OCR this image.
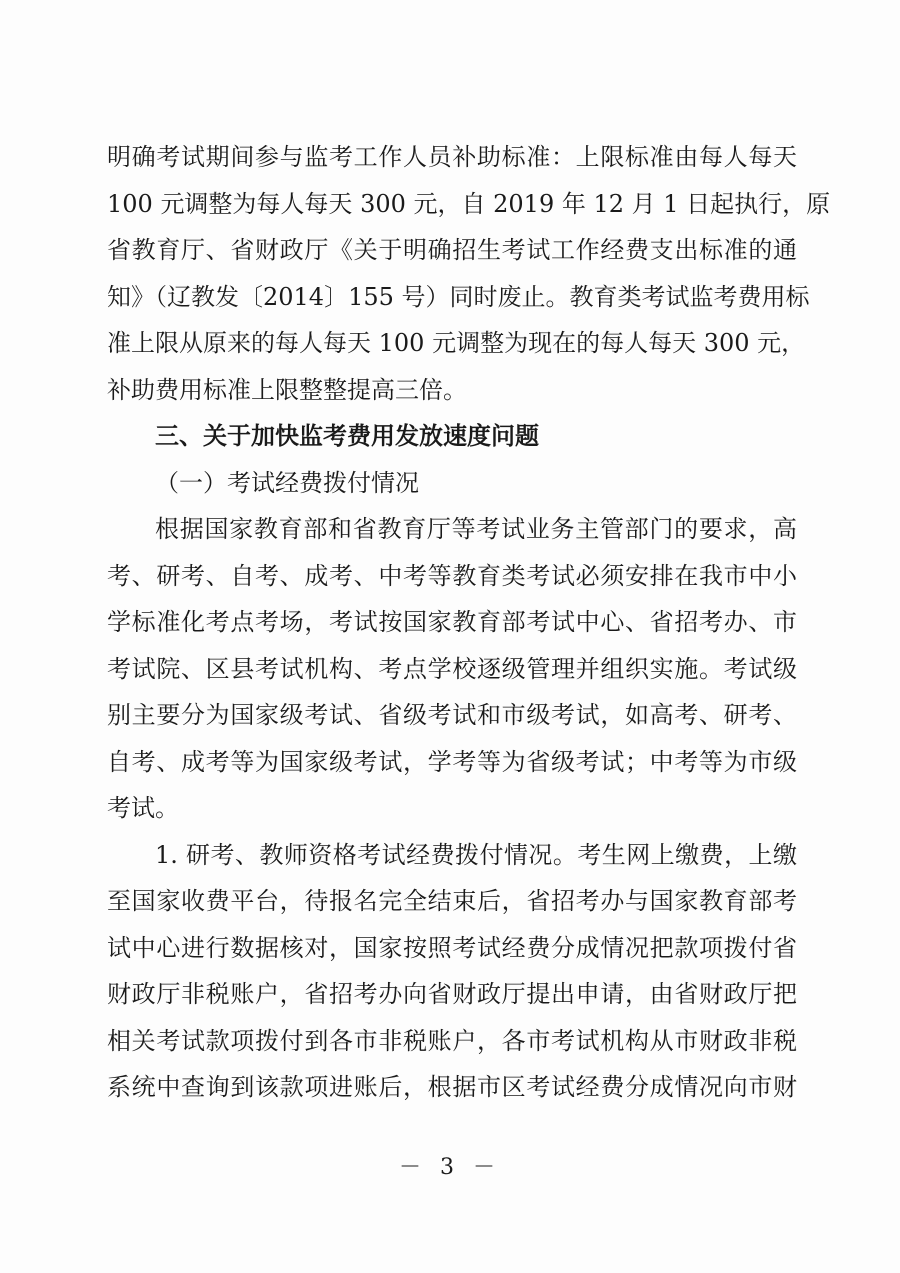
明确考试期间参与监考工作人员补助标准：上限标准由每人每天
100 元调整为每人每天 300 元，自 2019 年 12 月 1 日起执行，原
省教育厅、省财政厅《关于明确招生考试工作经费支出标准的通
知》（辽教发〔2014〕155 号）同时废止。教育类考试监考费用标
准上限从原来的每人每天 100 元调整为现在的每人每天 300 元，
补助费用标准上限整整提高三倍。
三、关于加快监考费用发放速度问题
（一）考试经费拨付情况
根据国家教育部和省教育厅等考试业务主管部门的要求，高
考、研考、自考、成考、中考等教育类考试必须安排在我市中小
学标准化考点考场，考试按国家教育部考试中心、省招考办、市
考试院、区县考试机构、考点学校逐级管理并组织实施。考试级
别主要分为国家级考试、省级考试和市级考试，如高考、研考、
自考、成考等为国家级考试，学考等为省级考试；中考等为市级
考试。
1. 研考、教师资格考试经费拨付情况。考生网上缴费，上缴
至国家收费平台，待报名完全结束后，省招考办与国家教育部考
试中心进行数据核对，国家按照考试经费分成情况把款项拨付省
财政厅非税账户，省招考办向省财政厅提出申请，由省财政厅把
相关考试款项拨付到各市非税账户，各市考试机构从市财政非税
系统中查询到该款项进账后，根据市区考试经费分成情况向市财
－ 3 －
